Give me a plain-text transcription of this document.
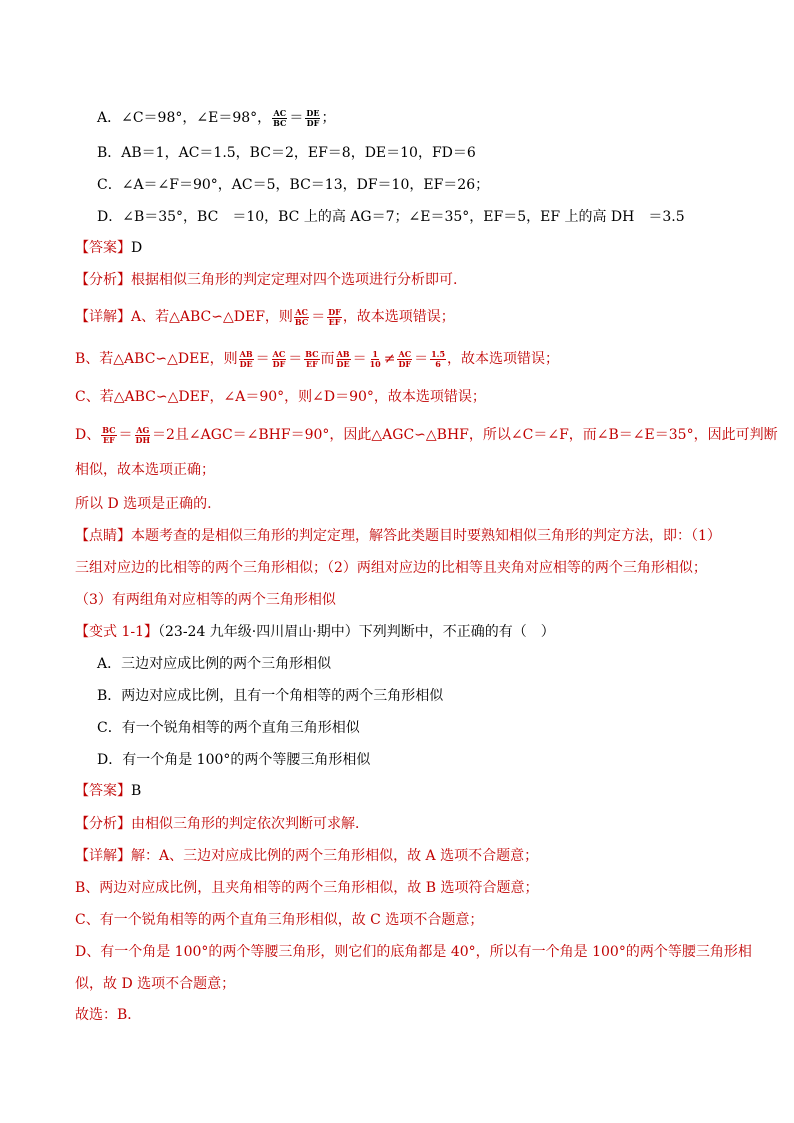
A．∠C＝98°，∠E＝98°， $\frac{AC}{BC} = \frac{DE}{DF}$ ；
B．AB＝1，AC＝1.5，BC＝2，EF＝8，DE＝10，FD＝6
C．∠A＝∠F＝90°，AC＝5，BC＝13，DF＝10，EF＝26；
D．∠B＝35°，BC　＝10，BC 上的高 AG＝7；∠E＝35°，EF＝5，EF 上的高 DH　＝3.5
【答案】D
【分析】根据相似三角形的判定定理对四个选项进行分析即可.
【详解】A、若△ABC∽△DEF，则 $\frac{AC}{BC} = \frac{DF}{EF}$ ，故本选项错误；
B、若△ABC∽△DEE，则 $\frac{AB}{DE} = \frac{AC}{DF} = \frac{BC}{EF}$ 而 $\frac{AB}{DE} = \frac{1}{10} \ne \frac{AC}{DF} = \frac{1.5}{6}$ ，故本选项错误；
C、若△ABC∽△DEF，∠A＝90°，则∠D＝90°，故本选项错误；
D、 $\frac{BC}{EF} = \frac{AG}{DH} =2$且∠AGC＝∠BHF＝90°，因此△AGC∽△BHF，所以∠C＝∠F，而∠B＝∠E＝35°，因此可判断
相似，故本选项正确；
所以 D 选项是正确的.
【点睛】本题考查的是相似三角形的判定定理，解答此类题目时要熟知相似三角形的判定方法，即：（1）
三组对应边的比相等的两个三角形相似；（2）两组对应边的比相等且夹角对应相等的两个三角形相似；
（3）有两组角对应相等的两个三角形相似
【变式 1-1】（23-24 九年级·四川眉山·期中）下列判断中，不正确的有（　）
A．三边对应成比例的两个三角形相似
B．两边对应成比例，且有一个角相等的两个三角形相似
C．有一个锐角相等的两个直角三角形相似
D．有一个角是 100°的两个等腰三角形相似
【答案】B
【分析】由相似三角形的判定依次判断可求解．
【详解】解：A、三边对应成比例的两个三角形相似，故 A 选项不合题意；
B、两边对应成比例，且夹角相等的两个三角形相似，故 B 选项符合题意；
C、有一个锐角相等的两个直角三角形相似，故 C 选项不合题意；
D、有一个角是 100°的两个等腰三角形，则它们的底角都是 40°，所以有一个角是 100°的两个等腰三角形相
似，故 D 选项不合题意；
故选：B．
